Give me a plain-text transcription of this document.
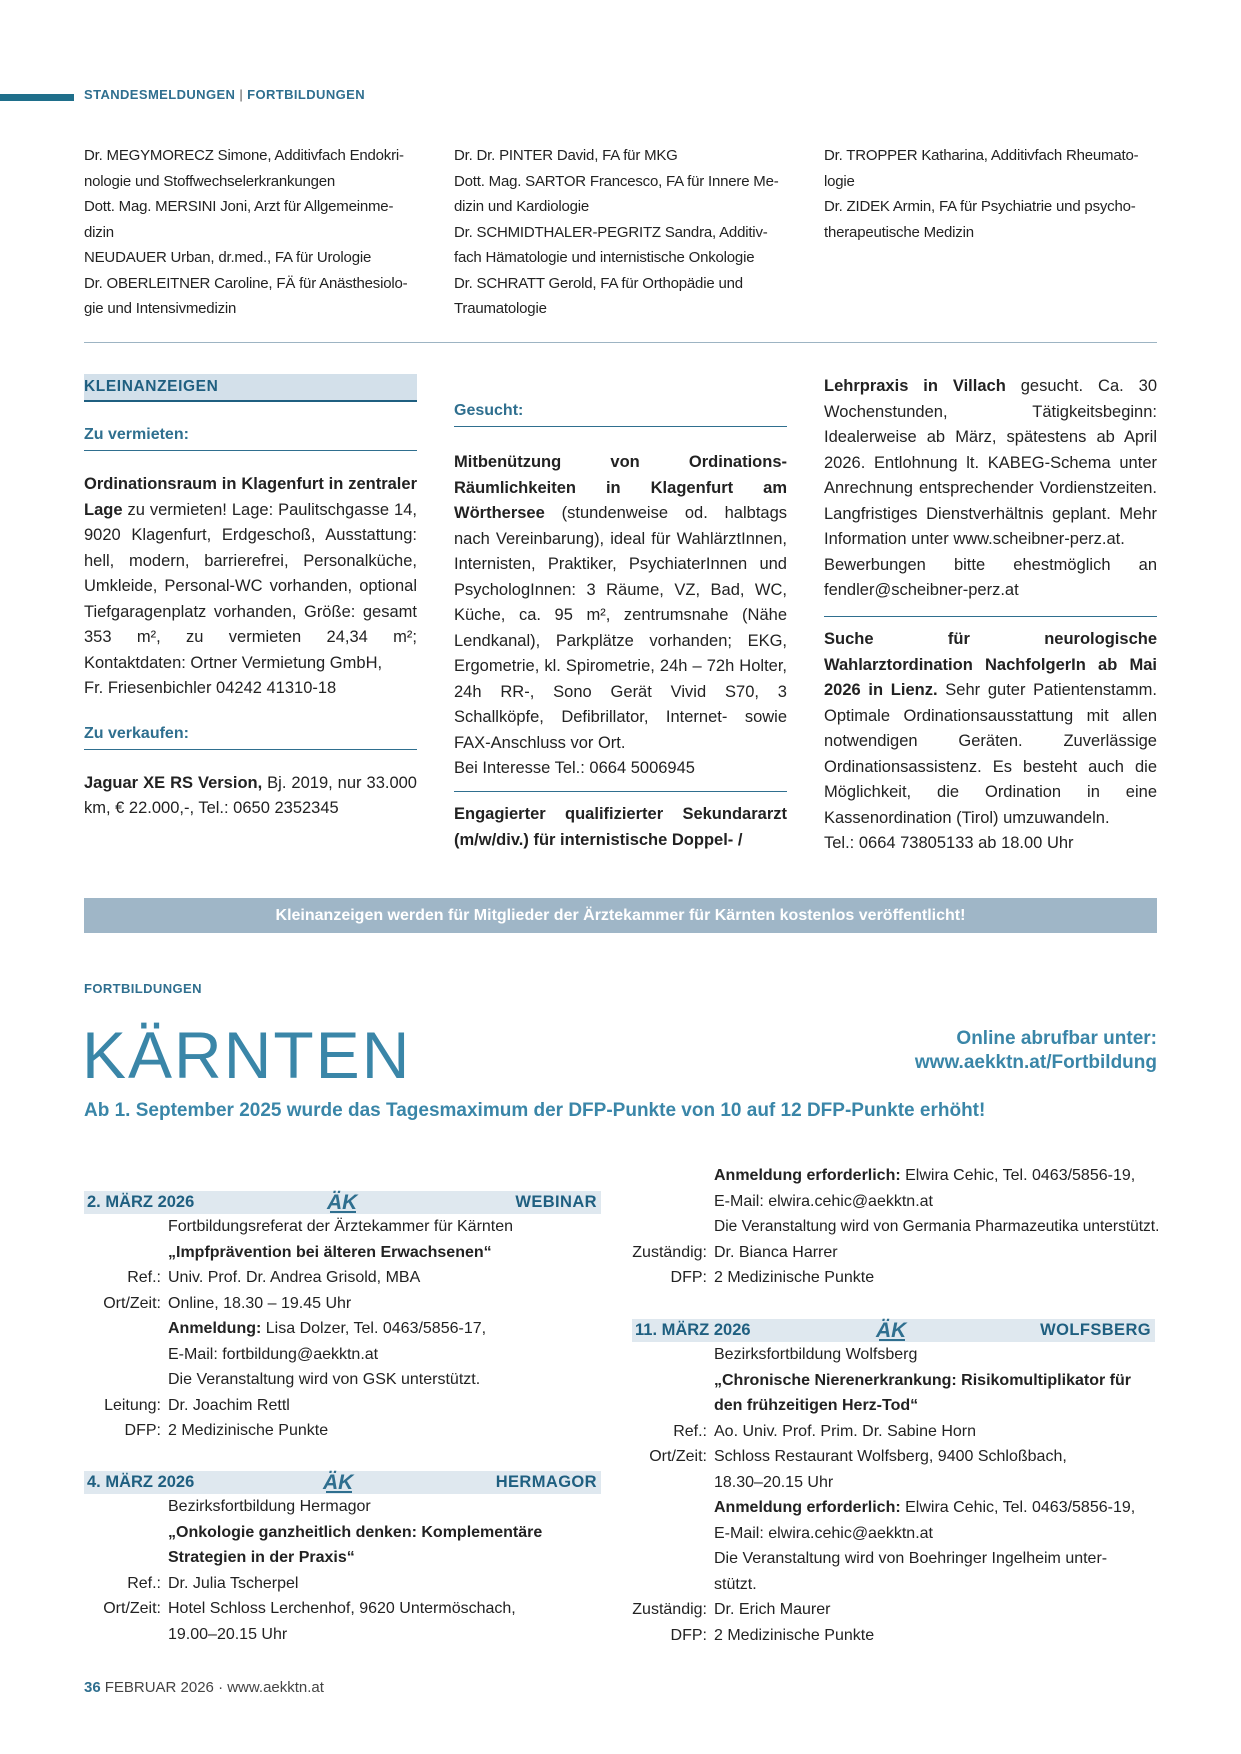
STANDESMELDUNGEN | FORTBILDUNGEN

Dr. MEGYMORECZ Simone, Additivfach Endokri-

nologie und Stoffwechselerkrankungen

Dott. Mag. MERSINI Joni, Arzt für Allgemeinme-

dizin

NEUDAUER Urban, dr.med., FA für Urologie

Dr. OBERLEITNER Caroline, FÄ für Anästhesiolo-

gie und Intensivmedizin

Dr. Dr. PINTER David, FA für MKG

Dott. Mag. SARTOR Francesco, FA für Innere Me-

dizin und Kardiologie

Dr. SCHMIDTHALER-PEGRITZ Sandra, Additiv-

fach Hämatologie und internistische Onkologie

Dr. SCHRATT Gerold, FA für Orthopädie und

Traumatologie

Dr. TROPPER Katharina, Additivfach Rheumato-

logie

Dr. ZIDEK Armin, FA für Psychiatrie und psycho-

therapeutische Medizin

KLEINANZEIGEN
Zu vermieten:
Ordinationsraum in Klagenfurt in zentraler Lage zu vermieten! Lage: Paulitschgasse 14, 9020 Klagenfurt, Erdgeschoß, Ausstattung: hell, modern, barrierefrei, Personalküche, Umkleide, Personal-WC vorhanden, optional Tiefgaragenplatz vorhanden, Größe: gesamt 353 m², zu vermieten 24,34 m²; Kontaktdaten: Ortner Vermietung GmbH,
Fr. Friesenbichler 04242 41310-18
Zu verkaufen:
Jaguar XE RS Version, Bj. 2019, nur 33.000 km, € 22.000,-, Tel.: 0650 2352345
Gesucht:
Mitbenützung von Ordinations-Räumlichkeiten in Klagenfurt am Wörthersee (stundenweise od. halbtags nach Vereinbarung), ideal für WahlärztInnen, Internisten, Praktiker, PsychiaterInnen und PsychologInnen: 3 Räume, VZ, Bad, WC, Küche, ca. 95 m², zentrumsnahe (Nähe Lendkanal), Parkplätze vorhanden; EKG, Ergometrie, kl. Spirometrie, 24h – 72h Holter, 24h RR-, Sono Gerät Vivid S70, 3 Schallköpfe, Defibrillator, Internet- sowie FAX-Anschluss vor Ort.
Bei Interesse Tel.: 0664 5006945
Engagierter qualifizierter Sekundararzt (m/w/div.) für internistische Doppel- /
Lehrpraxis in Villach gesucht. Ca. 30 Wochenstunden, Tätigkeitsbeginn: Idealerweise ab März, spätestens ab April 2026. Entlohnung lt. KABEG-Schema unter Anrechnung entsprechender Vordienstzeiten. Langfristiges Dienstverhältnis geplant. Mehr Information unter www.scheibner-perz.at.
Bewerbungen bitte ehestmöglich an fendler@scheibner-perz.at
Suche für neurologische Wahlarztordination NachfolgerIn ab Mai 2026 in Lienz. Sehr guter Patientenstamm. Optimale Ordinationsausstattung mit allen notwendigen Geräten. Zuverlässige Ordinationsassistenz. Es besteht auch die Möglichkeit, die Ordination in eine Kassenordination (Tirol) umzuwandeln.
Tel.: 0664 73805133 ab 18.00 Uhr
Kleinanzeigen werden für Mitglieder der Ärztekammer für Kärnten kostenlos veröffentlicht!
FORTBILDUNGEN
KÄRNTEN	Online abrufbar unter:
www.aekktn.at/Fortbildung
Ab 1. September 2025 wurde das Tagesmaximum der DFP-Punkte von 10 auf 12 DFP-Punkte erhöht!
2. MÄRZ 2026	ÄK	WEBINAR
Fortbildungsreferat der Ärztekammer für Kärnten
„Impfprävention bei älteren Erwachsenen“
Ref.: Univ. Prof. Dr. Andrea Grisold, MBA
Ort/Zeit: Online, 18.30 – 19.45 Uhr
Anmeldung: Lisa Dolzer, Tel. 0463/5856-17,
E-Mail: fortbildung@aekktn.at
Die Veranstaltung wird von GSK unterstützt.
Leitung: Dr. Joachim Rettl
DFP: 2 Medizinische Punkte
4. MÄRZ 2026	ÄK	HERMAGOR
Bezirksfortbildung Hermagor
„Onkologie ganzheitlich denken: Komplementäre
Strategien in der Praxis“
Ref.: Dr. Julia Tscherpel
Ort/Zeit: Hotel Schloss Lerchenhof, 9620 Untermöschach,
19.00–20.15 Uhr
Anmeldung erforderlich: Elwira Cehic, Tel. 0463/5856-19,
E-Mail: elwira.cehic@aekktn.at
Die Veranstaltung wird von Germania Pharmazeutika unterstützt.
Zuständig: Dr. Bianca Harrer
DFP: 2 Medizinische Punkte
11. MÄRZ 2026	ÄK	WOLFSBERG
Bezirksfortbildung Wolfsberg
„Chronische Nierenerkrankung: Risikomultiplikator für
den frühzeitigen Herz-Tod“
Ref.: Ao. Univ. Prof. Prim. Dr. Sabine Horn
Ort/Zeit: Schloss Restaurant Wolfsberg, 9400 Schloßbach,
18.30–20.15 Uhr
Anmeldung erforderlich: Elwira Cehic, Tel. 0463/5856-19,
E-Mail: elwira.cehic@aekktn.at
Die Veranstaltung wird von Boehringer Ingelheim unter-
stützt.
Zuständig: Dr. Erich Maurer
DFP: 2 Medizinische Punkte
36 FEBRUAR 2026 · www.aekktn.at
